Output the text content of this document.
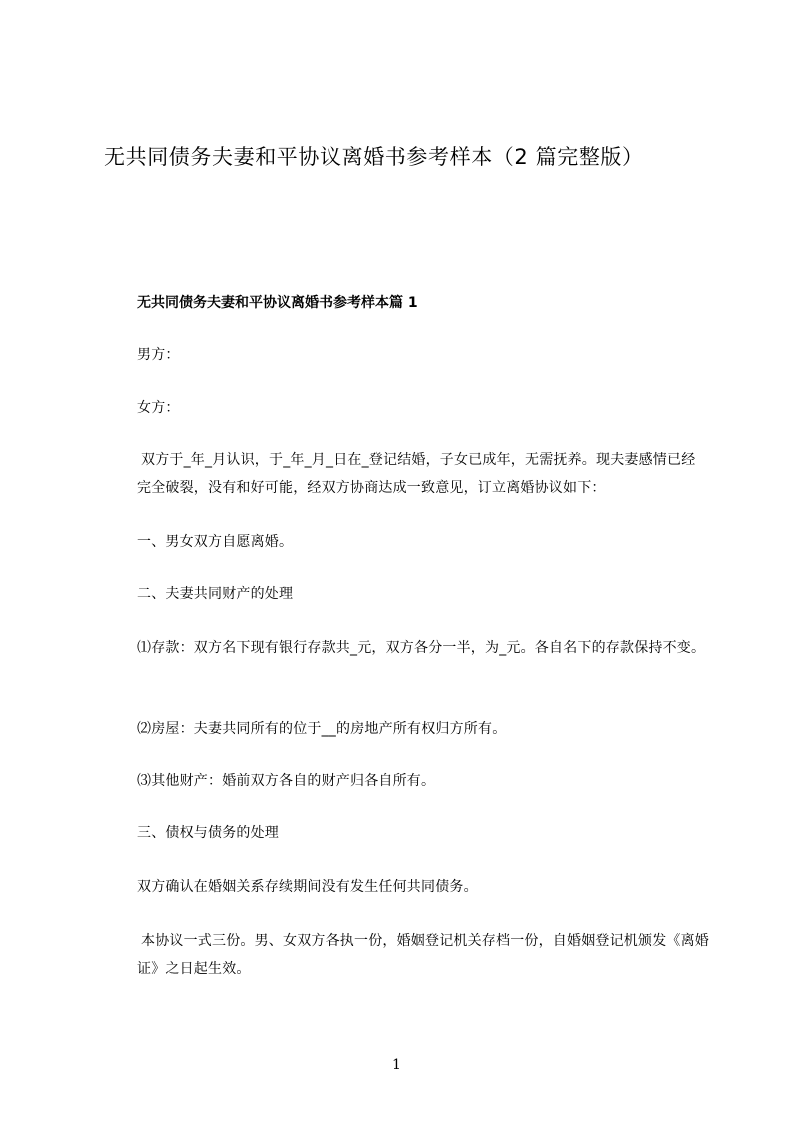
无共同债务夫妻和平协议离婚书参考样本（2 篇完整版）
无共同债务夫妻和平协议离婚书参考样本篇 1
男方：
女方：
双方于_年_月认识，于_年_月_日在_登记结婚，子女已成年，无需抚养。现夫妻感情已经完全破裂，没有和好可能，经双方协商达成一致意见，订立离婚协议如下：
一、男女双方自愿离婚。
二、夫妻共同财产的处理
⑴存款：双方名下现有银行存款共_元，双方各分一半，为_元。各自名下的存款保持不变。
⑵房屋：夫妻共同所有的位于__的房地产所有权归方所有。
⑶其他财产：婚前双方各自的财产归各自所有。
三、债权与债务的处理
双方确认在婚姻关系存续期间没有发生任何共同债务。
本协议一式三份。男、女双方各执一份，婚姻登记机关存档一份，自婚姻登记机颁发《离婚证》之日起生效。
1
